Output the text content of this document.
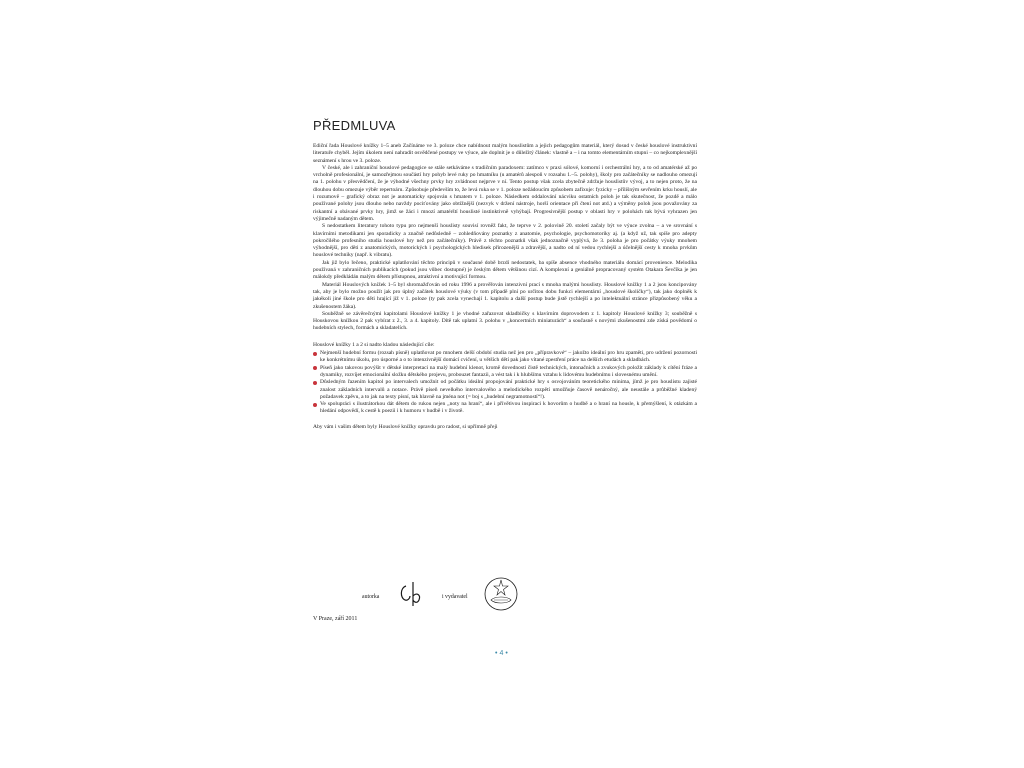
PŘEDMLUVA

Ediční řada Houslové knížky 1–5 aneb Začínáme ve 3. poloze chce nabídnout malým houslistům a jejich pedagogům materiál, který dosud v české houslové instruktivní literatuře chyběl. Jejím úkolem není nahradit osvědčené postupy ve výuce, ale doplnit je o důležitý článek: vlastně a – i na tomto elementárním stupni – co nejkomplexnější seznámení s hrou ve 3. poloze.

V české, ale i zahraniční houslové pedagogice se stále setkáváme s tradičním paradoxem: zatímco v praxi sólové, komorní i orchestrální hry, a to od amatérské až po vrcholně profesionální, je samozřejmou součástí hry pohyb levé ruky po hmatníku (u amatérů alespoň v rozsahu 1.–5. polohy), školy pro začátečníky se nadlouho omezují na 1. polohu v přesvědčení, že je výhodné všechny prvky hry zvládnout nejprve v ní. Tento postup však zcela zbytečně zdržuje houslistův vývoj, a to nejen proto, že na dlouhou dobu omezuje výběr repertoáru. Způsobuje především to, že levá ruka se v 1. poloze nežádoucím způsobem zafixuje: fyzicky – přílišným sevřením krku houslí, ale i rozumově – grafický obraz not je automaticky spojován s hmatem v 1. poloze. Následkem oddalování nácviku ostatních poloh je tak skutečnost, že pozdě a málo používané polohy jsou dlouho nebo navždy pociťovány jako obtížnější (nezvyk v držení nástroje, horší orientace při čtení not atd.) a výměny poloh jsou považovány za riskantní a obávané prvky hry, jimž se žáci i mnozí amatérští houslisté instinktivně vyhýbají. Progresivnější postup v oblasti hry v polohách tak bývá vyhrazen jen výjimečně nadaným dětem.

S nedostatkem literatury tohoto typu pro nejmenší houslisty souvisí rovněž fakt, že teprve v 2. polovině 20. století začaly být ve výuce zvolna – a ve srovnání s klavírními metodikami jen sporadicky a značně nedůsledně – zohledňovány poznatky z anatomie, psychologie, psychomotoriky aj. (a když už, tak spíše pro adepty pokročilého profesního studia houslové hry než pro začátečníky). Právě z těchto poznatků však jednoznačně vyplývá, že 3. poloha je pro počátky výuky mnohem výhodnější, pro děti z anatomických, motorických i psychologických hledisek přirozenější a zdravější, a nadto od ní vedou rychlejší a účelnější cesty k mnoha prvkům houslové techniky (např. k vibratu).

Jak již bylo řečeno, praktické uplatňování těchto principů v současné době brzdí nedostatek, ba spíše absence vhodného materiálu domácí provenience. Melodika používaná v zahraničních publikacích (pokud jsou vůbec dostupné) je českým dětem většinou cizí. A komplexní a geniálně propracovaný systém Otakara Ševčíka je jen málokdy předkládán malým dětem přístupnou, atraktivní a motivující formou.

Materiál Houslových knížek 1–5 byl shromažďován od roku 1996 a prověřován intenzivní prací s mnoha malými houslisty. Houslové knížky 1 a 2 jsou koncipovány tak, aby je bylo možno použít jak pro úplný začátek houslové výuky (v tom případě plní po určitou dobu funkci elementární „houslové školičky“), tak jako doplněk k jakékoli jiné škole pro děti hrající již v 1. poloze (ty pak zcela vynechají 1. kapitolu a další postup bude jistě rychlejší a po intelektuální stránce přizpůsobený věku a zkušenostem žáka).

Souběžně se závěrečnými kapitolami Houslové knížky 1 je vhodné zařazovat skladbičky s klavírním doprovodem z 1. kapitoly Houslové knížky 3; souběžně s Houskovou knížkou 2 pak vybírat z 2., 3. a 4. kapitoly. Dítě tak uplatní 3. polohu v „koncertních miniaturách“ a současně s novými zkušenostmi zde získá povědomí o hudebních stylech, formách a skladatelích.

Houslové knížky 1 a 2 si nadto kladou následující cíle:

Nejmenší hudební formu (rozsah písně) uplatňovat po mnohem delší období studia než jen pro „přípravkové“ – jakožto ideální pro hru zpaměti, pro udržení pozornosti ke konkrétnímu úkolu, pro úsporné a o to intenzivnější domácí cvičení, u větších dětí pak jako vítané zpestření práce na delších etudách a skladbách.
Píseň jako takovou povýšit v dětské interpretaci na malý hudební klenot, kromě dovednosti čistě technických, intonačních a zvukových položit základy k cítění fráze a dynamiky, rozvíjet emocionální složku dětského projevu, probouzet fantazii, a vést tak i k hlubšímu vztahu k lidovému hudebnímu i slovesnému umění.
Důsledným řazením kapitol po intervalech umožnit od počátku ideální propojování praktické hry s osvojováním teoretického minima, jímž je pro houslistu zajisté znalost základních intervalů a notace. Právě píseň nevelkého intervalového a melodického rozpětí umožňuje časově nenáročný, ale neustále a průběžné kladený požadavek zpěvu, a to jak na texty písní, tak hlavně na jména not (= boj s „hudební negramotností“!).
Ve spolupráci s ilustrátorkou dát dětem do rukou nejen „noty na hraní“, ale i přívětivou inspiraci k hovorům o hudbě a o hraní na housle, k přemýšlení, k otázkám a hledání odpovědí, k cestě k poezii i k humoru v hudbě i v životě.

Aby vám i vašim dětem byly Houslové knížky opravdu pro radost, si upřímně přeji

autorka	i vydavatel
V Praze, září 2011
•4•
